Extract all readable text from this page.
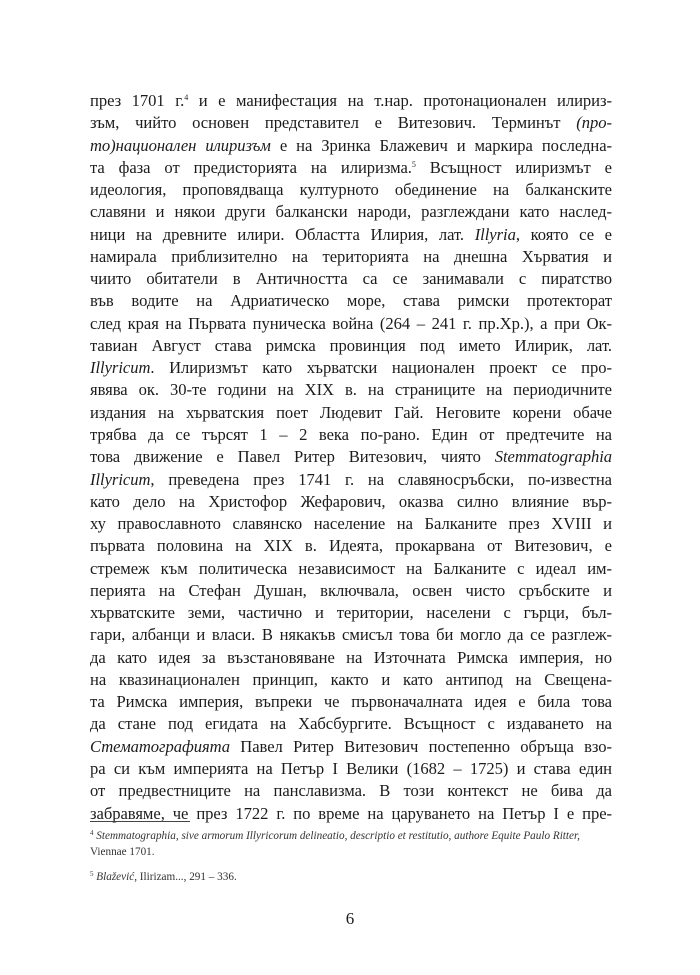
през 1701 г.$^4$ и е манифестация на т.нар. протонационален илириз-
зъм, чийто основен представител е Витезович. Терминът (про-
то)национален илиризъм е на Зринка Блажевич и маркира последна-
та фаза от предисторията на илиризма.$^5$ Всъщност илиризмът е
идеология, проповядваща културното обединение на балканските
славяни и някои други балкански народи, разглеждани като наслед-
ници на древните илири. Областта Илирия, лат. Illyria, която се е
намирала приблизително на територията на днешна Хърватия и
чиито обитатели в Античността са се занимавали с пиратство
във водите на Адриатическо море, става римски протекторат
след края на Първата пуническа война (264 – 241 г. пр.Хр.), а при Ок-
тавиан Август става римска провинция под името Илирик, лат.
Illyricum. Илиризмът като хърватски национален проект се про-
явява ок. 30-те години на XIX в. на страниците на периодичните
издания на хърватския поет Людевит Гай. Неговите корени обаче
трябва да се търсят 1 – 2 века по-рано. Един от предтечите на
това движение е Павел Ритер Витезович, чиято Stemmatographia
Illyricum, преведена през 1741 г. на славяносръбски, по-известна
като дело на Христофор Жефарович, оказва силно влияние вър-
ху православното славянско население на Балканите през XVIII и
първата половина на XIX в. Идеята, прокарвана от Витезович, е
стремеж към политическа независимост на Балканите с идеал им-
перията на Стефан Душан, включвала, освен чисто сръбските и
хърватските земи, частично и територии, населени с гърци, бъл-
гари, албанци и власи. В някакъв смисъл това би могло да се разглеж-
да като идея за възстановяване на Източната Римска империя, но
на квазинационален принцип, както и като антипод на Свещена-
та Римска империя, въпреки че първоначалната идея е била това
да стане под егидата на Хабсбургите. Всъщност с издаването на
Стематографията Павел Ритер Витезович постепенно обръща взо-
ра си към империята на Петър I Велики (1682 – 1725) и става един
от предвестниците на панславизма. В този контекст не бива да
забравяме, че през 1722 г. по време на царуването на Петър I е пре-
$^4$ Stemmatographia, sive armorum Illyricorum delineatio, descriptio et restitutio, authore Equite Paulo Ritter,
Viennae 1701.
$^5$ Blažević, Ilirizam..., 291 – 336.
6
